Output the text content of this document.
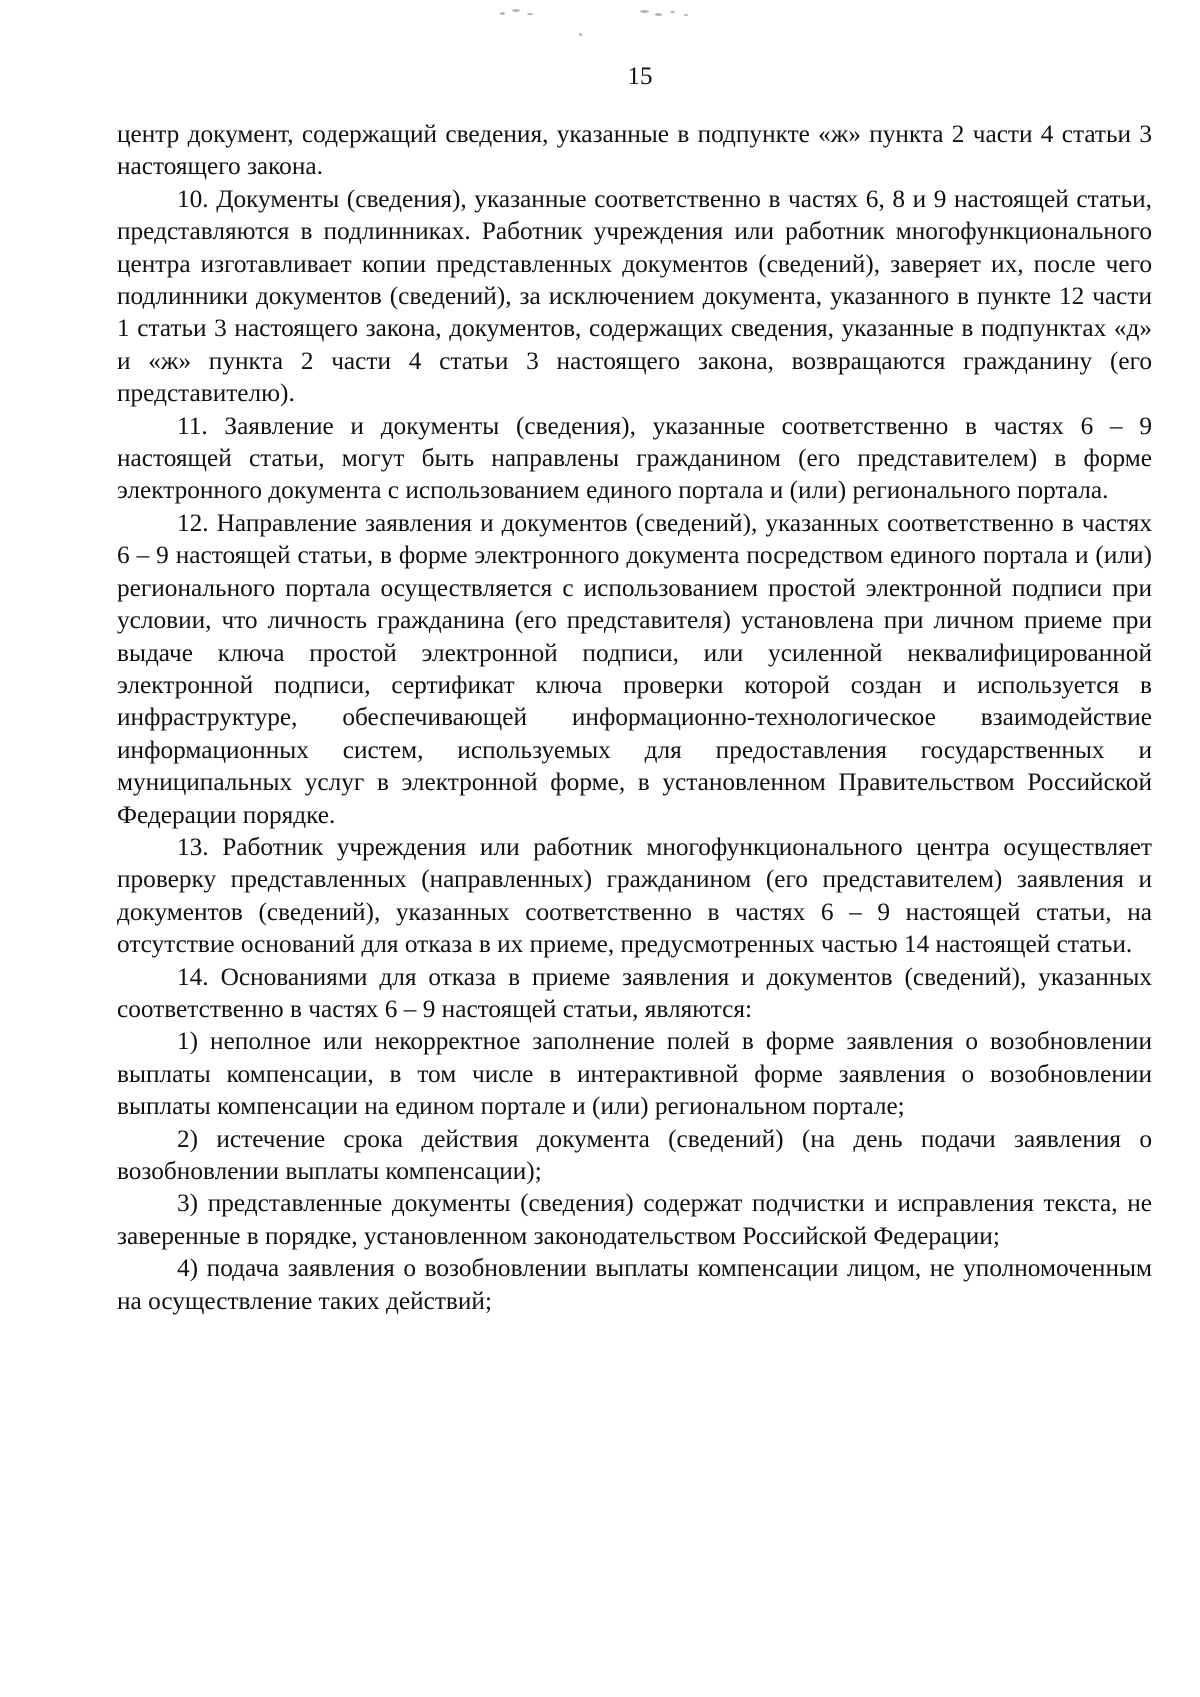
15

центр документ, содержащий сведения, указанные в подпункте «ж» пункта 2 части 4 статьи 3 настоящего закона.

10. Документы (сведения), указанные соответственно в частях 6, 8 и 9 настоящей статьи, представляются в подлинниках. Работник учреждения или работник многофункционального центра изготавливает копии представленных документов (сведений), заверяет их, после чего подлинники документов (сведений), за исключением документа, указанного в пункте 12 части 1 статьи 3 настоящего закона, документов, содержащих сведения, указанные в подпунктах «д» и «ж» пункта 2 части 4 статьи 3 настоящего закона, возвращаются гражданину (его представителю).

11. Заявление и документы (сведения), указанные соответственно в частях 6 – 9 настоящей статьи, могут быть направлены гражданином (его представителем) в форме электронного документа с использованием единого портала и (или) регионального портала.

12. Направление заявления и документов (сведений), указанных соответственно в частях 6 – 9 настоящей статьи, в форме электронного документа посредством единого портала и (или) регионального портала осуществляется с использованием простой электронной подписи при условии, что личность гражданина (его представителя) установлена при личном приеме при выдаче ключа простой электронной подписи, или усиленной неквалифицированной электронной подписи, сертификат ключа проверки которой создан и используется в инфраструктуре, обеспечивающей информационно-технологическое взаимодействие информационных систем, используемых для предоставления государственных и муниципальных услуг в электронной форме, в установленном Правительством Российской Федерации порядке.

13. Работник учреждения или работник многофункционального центра осуществляет проверку представленных (направленных) гражданином (его представителем) заявления и документов (сведений), указанных соответственно в частях 6 – 9 настоящей статьи, на отсутствие оснований для отказа в их приеме, предусмотренных частью 14 настоящей статьи.

14. Основаниями для отказа в приеме заявления и документов (сведений), указанных соответственно в частях 6 – 9 настоящей статьи, являются:

1) неполное или некорректное заполнение полей в форме заявления о возобновлении выплаты компенсации, в том числе в интерактивной форме заявления о возобновлении выплаты компенсации на едином портале и (или) региональном портале;

2) истечение срока действия документа (сведений) (на день подачи заявления о возобновлении выплаты компенсации);

3) представленные документы (сведения) содержат подчистки и исправления текста, не заверенные в порядке, установленном законодательством Российской Федерации;

4) подача заявления о возобновлении выплаты компенсации лицом, не уполномоченным на осуществление таких действий;
